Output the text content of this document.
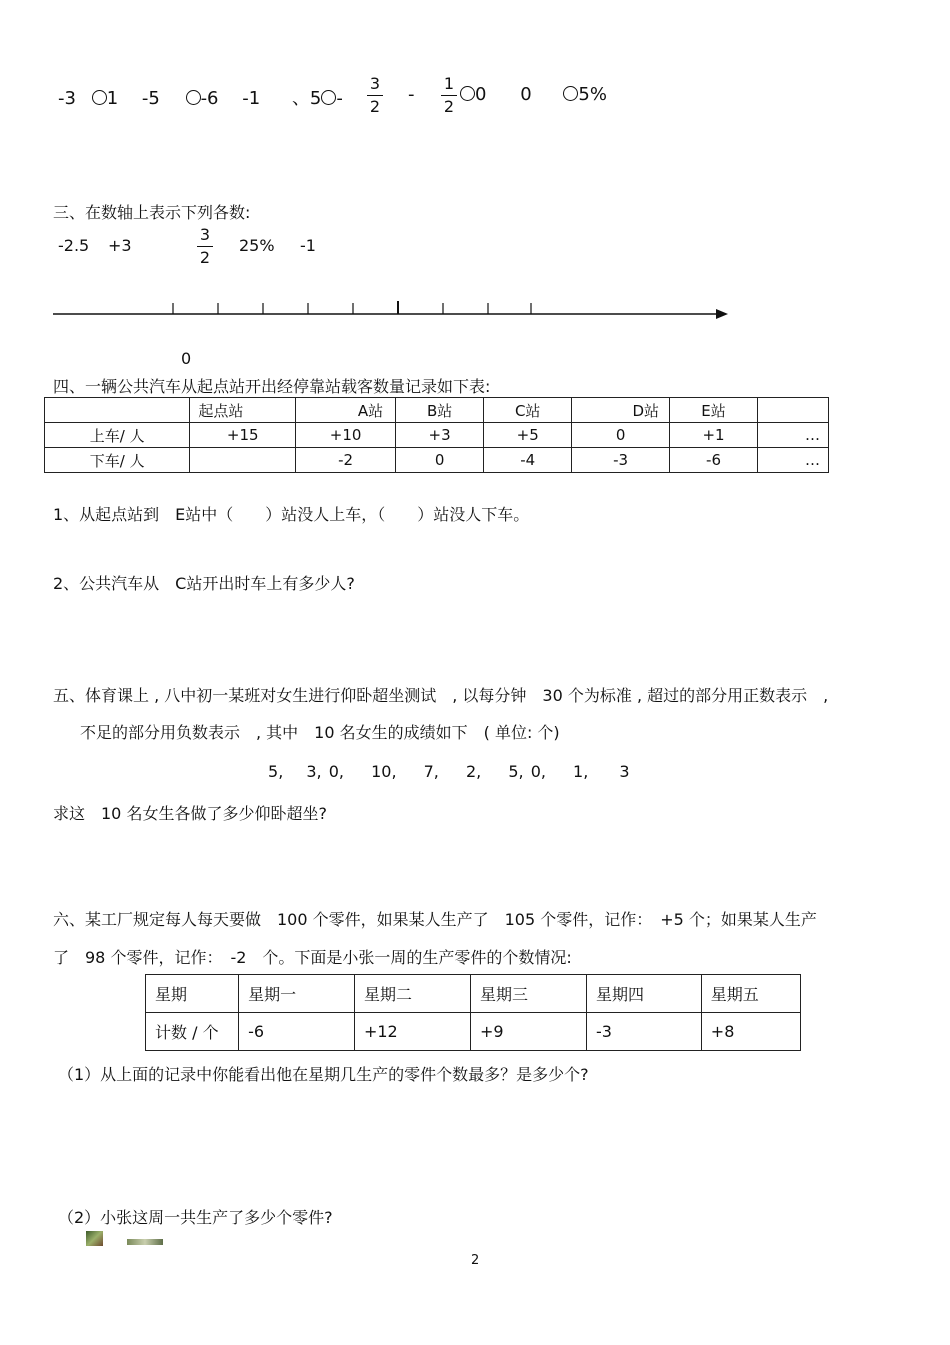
-3 1 -5 -6 -1 、5 -
3
2
-
1
2
0 0	5%
三、在数轴上表示下列各数:
-2.5 +3
3
2
25% -1
0
四、一辆公共汽车从起点站开出经停靠站载客数量记录如下表:
	起点站	A站	B站	C站	D站	E站	
上车/ 人	+15	+10	+3	+5	0	+1	…
下车/ 人		-2	0	-4	-3	-6	…
1、从起点站到　E站中（　　）站没人上车，（　　）站没人下车。
2、公共汽车从　C站开出时车上有多少人?
五、体育课上 , 八中初一某班对女生进行仰卧超坐测试　, 以每分钟　30 个为标准 , 超过的部分用正数表示　,
不足的部分用负数表示　, 其中　10 名女生的成绩如下　( 单位: 个)
5, 3, 0, 10, 7, 2, 5, 0, 1, 3
求这　10 名女生各做了多少仰卧超坐?
六、某工厂规定每人每天要做　100 个零件，如果某人生产了　105 个零件，记作：　+5 个；如果某人生产
了　98 个零件，记作：　-2　个。下面是小张一周的生产零件的个数情况:
星期	星期一	星期二	星期三	星期四	星期五
计数 / 个	-6	+12	+9	-3	+8
（1）从上面的记录中你能看出他在星期几生产的零件个数最多？是多少个?
（2）小张这周一共生产了多少个零件?
2
